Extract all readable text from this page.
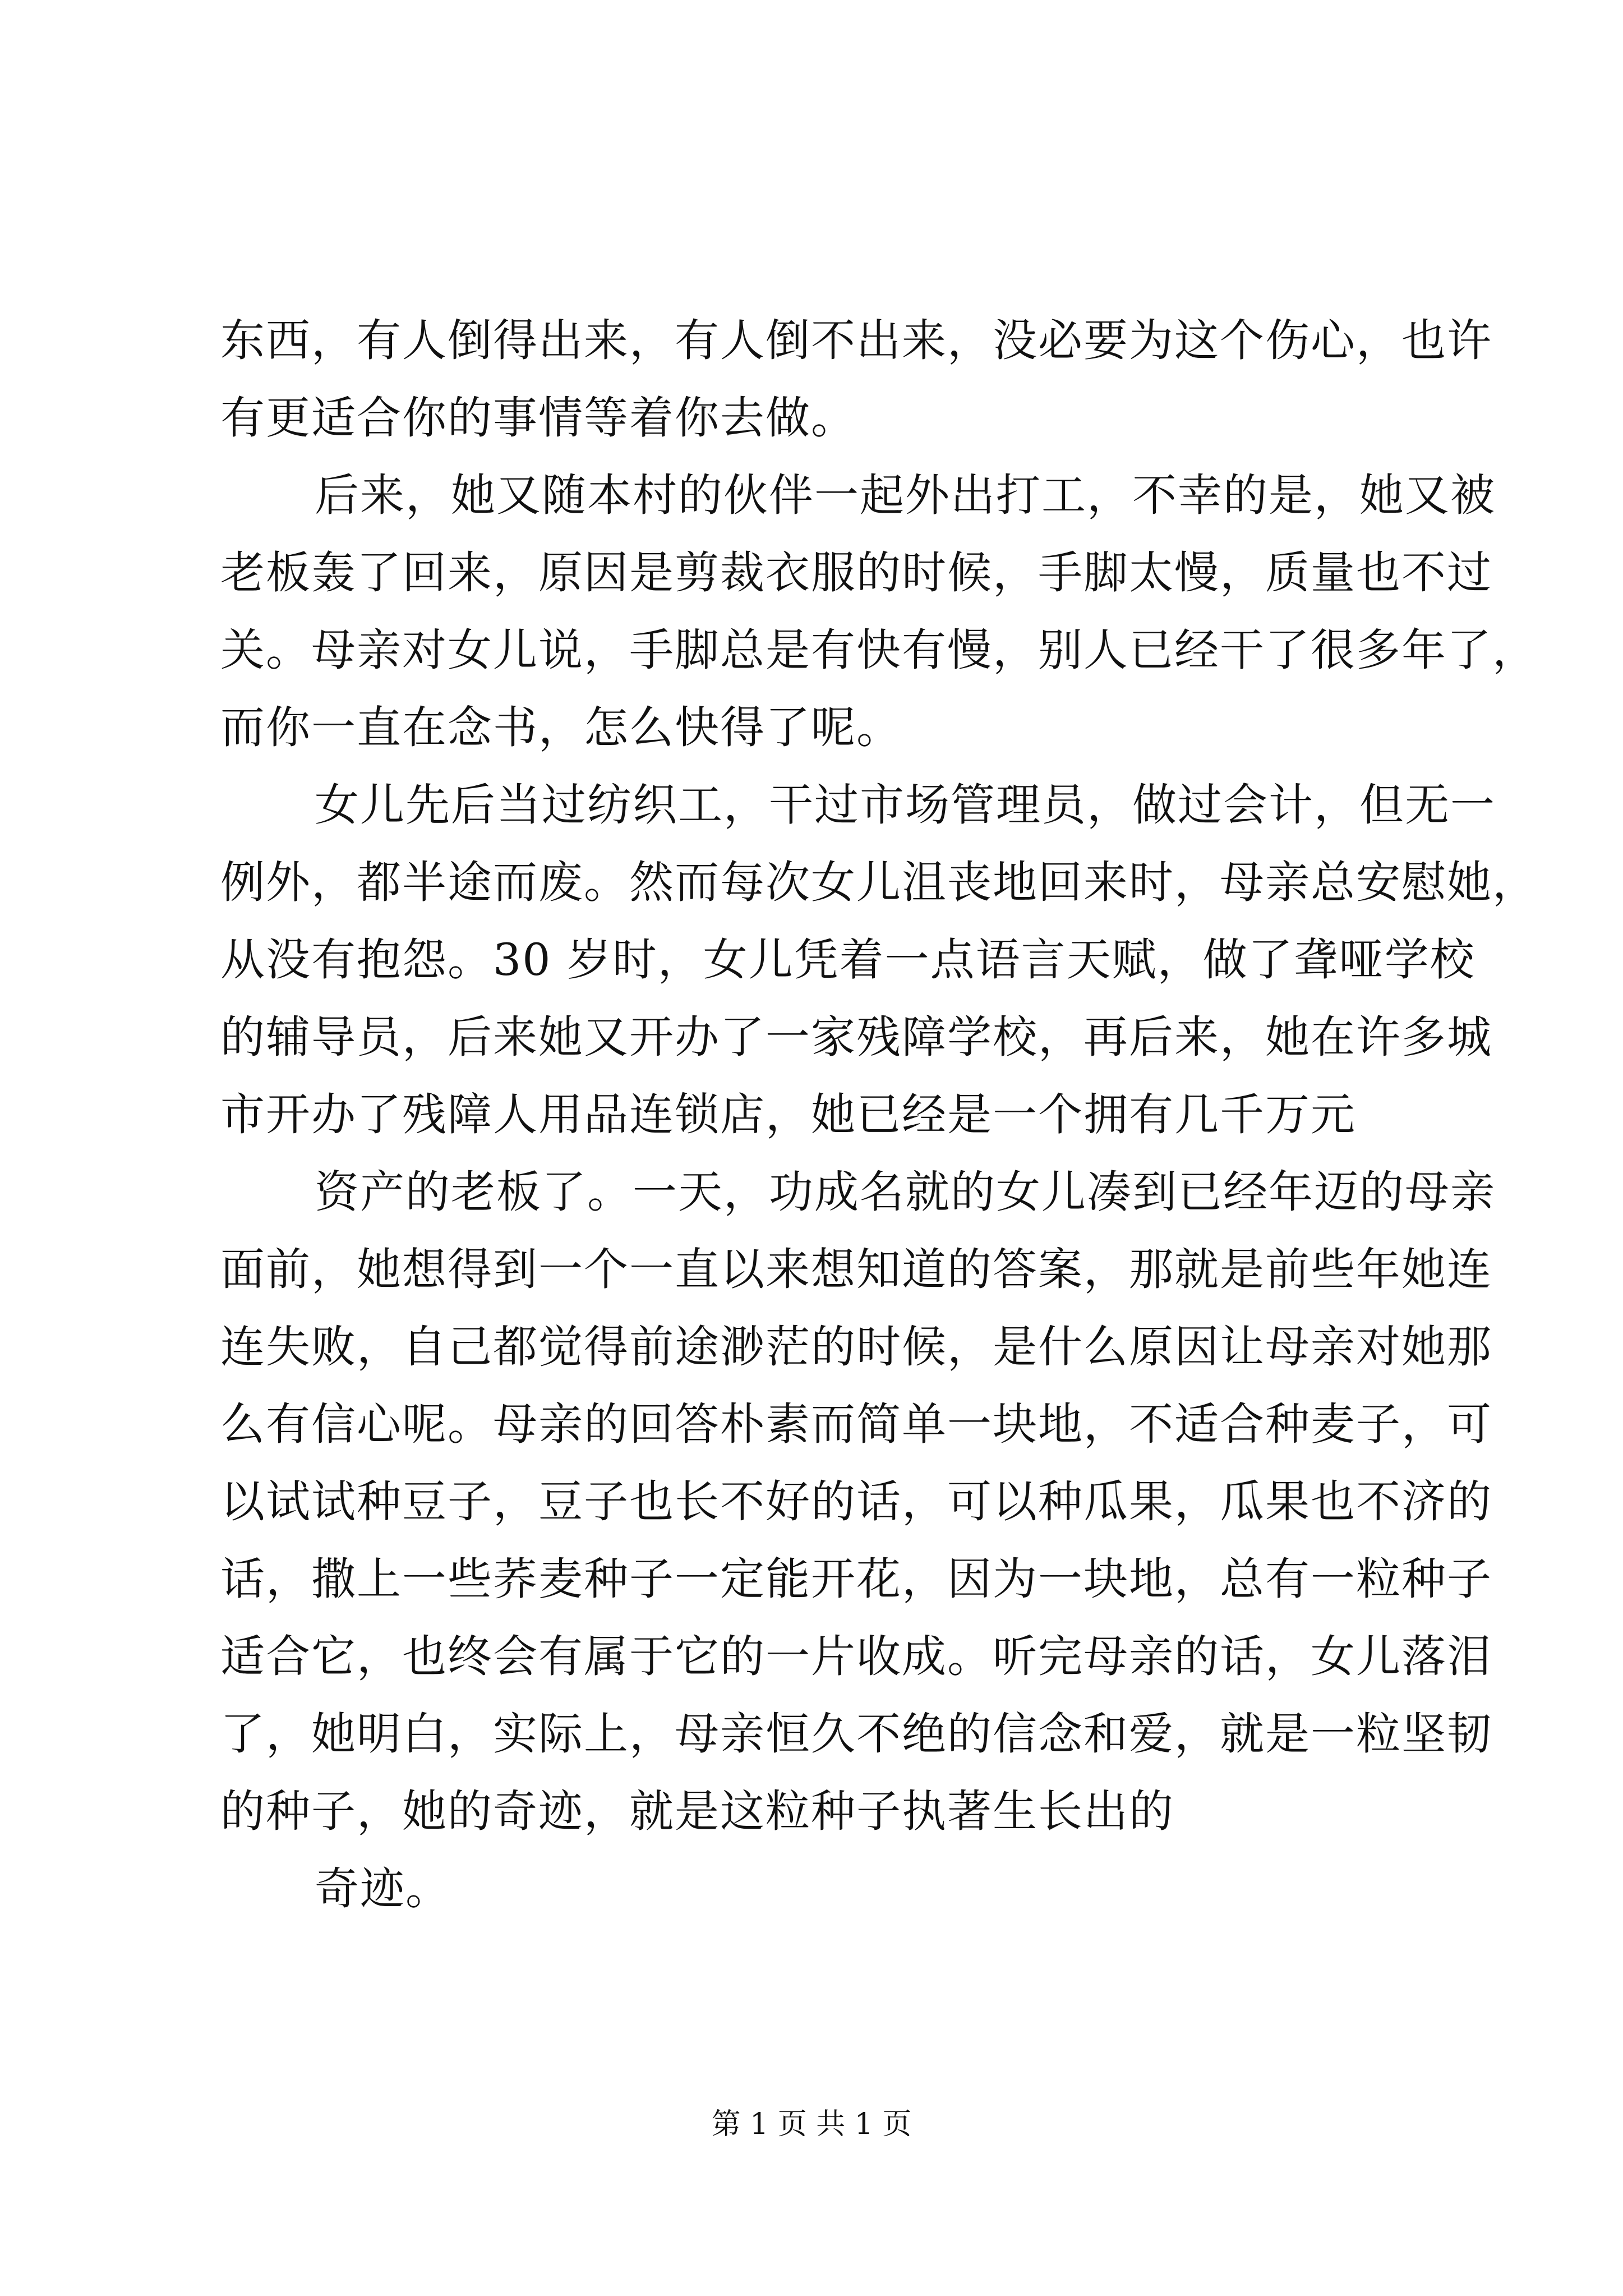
东西，有人倒得出来，有人倒不出来，没必要为这个伤心，也许
有更适合你的事情等着你去做。
后来，她又随本村的伙伴一起外出打工，不幸的是，她又被
老板轰了回来，原因是剪裁衣服的时候，手脚太慢，质量也不过
关。母亲对女儿说，手脚总是有快有慢，别人已经干了很多年了，
而你一直在念书，怎么快得了呢。
女儿先后当过纺织工，干过市场管理员，做过会计，但无一
例外，都半途而废。然而每次女儿沮丧地回来时，母亲总安慰她，
从没有抱怨。30 岁时，女儿凭着一点语言天赋，做了聋哑学校
的辅导员，后来她又开办了一家残障学校，再后来，她在许多城
市开办了残障人用品连锁店，她已经是一个拥有几千万元
资产的老板了。一天，功成名就的女儿凑到已经年迈的母亲
面前，她想得到一个一直以来想知道的答案，那就是前些年她连
连失败，自己都觉得前途渺茫的时候，是什么原因让母亲对她那
么有信心呢。母亲的回答朴素而简单一块地，不适合种麦子，可
以试试种豆子，豆子也长不好的话，可以种瓜果，瓜果也不济的
话，撒上一些荞麦种子一定能开花，因为一块地，总有一粒种子
适合它，也终会有属于它的一片收成。听完母亲的话，女儿落泪
了，她明白，实际上，母亲恒久不绝的信念和爱，就是一粒坚韧
的种子，她的奇迹，就是这粒种子执著生长出的
奇迹。
第 1 页 共 1 页
